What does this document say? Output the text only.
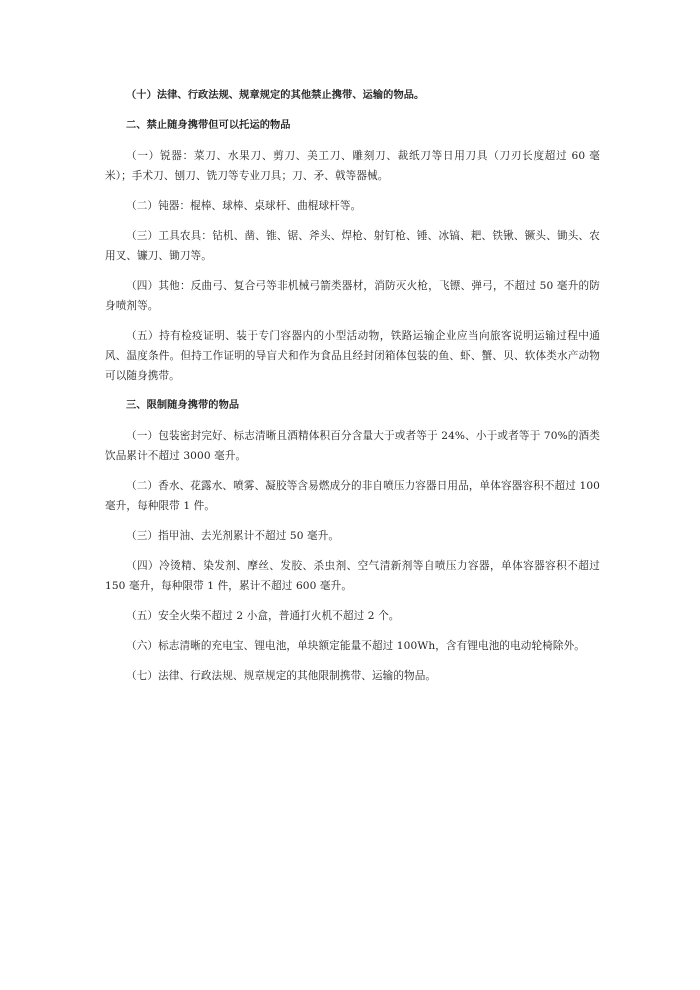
（十）法律、行政法规、规章规定的其他禁止携带、运输的物品。

二、禁止随身携带但可以托运的物品

（一）锐器：菜刀、水果刀、剪刀、美工刀、雕刻刀、裁纸刀等日用刀具（刀刃长度超过 60 毫米）；手术刀、刨刀、铣刀等专业刀具；刀、矛、戟等器械。

（二）钝器：棍棒、球棒、桌球杆、曲棍球杆等。

（三）工具农具：钻机、凿、锥、锯、斧头、焊枪、射钉枪、锤、冰镐、耙、铁锹、镢头、锄头、农用叉、镰刀、锄刀等。

（四）其他：反曲弓、复合弓等非机械弓箭类器材，消防灭火枪，飞镖、弹弓，不超过 50 毫升的防身喷剂等。

（五）持有检疫证明、装于专门容器内的小型活动物，铁路运输企业应当向旅客说明运输过程中通风、温度条件。但持工作证明的导盲犬和作为食品且经封闭箱体包装的鱼、虾、蟹、贝、软体类水产动物可以随身携带。

三、限制随身携带的物品

（一）包装密封完好、标志清晰且酒精体积百分含量大于或者等于 24%、小于或者等于 70%的酒类饮品累计不超过 3000 毫升。

（二）香水、花露水、喷雾、凝胶等含易燃成分的非自喷压力容器日用品，单体容器容积不超过 100 毫升，每种限带 1 件。

（三）指甲油、去光剂累计不超过 50 毫升。

（四）冷烫精、染发剂、摩丝、发胶、杀虫剂、空气清新剂等自喷压力容器，单体容器容积不超过 150 毫升，每种限带 1 件，累计不超过 600 毫升。

（五）安全火柴不超过 2 小盒，普通打火机不超过 2 个。

（六）标志清晰的充电宝、锂电池，单块额定能量不超过 100Wh，含有锂电池的电动轮椅除外。

（七）法律、行政法规、规章规定的其他限制携带、运输的物品。
